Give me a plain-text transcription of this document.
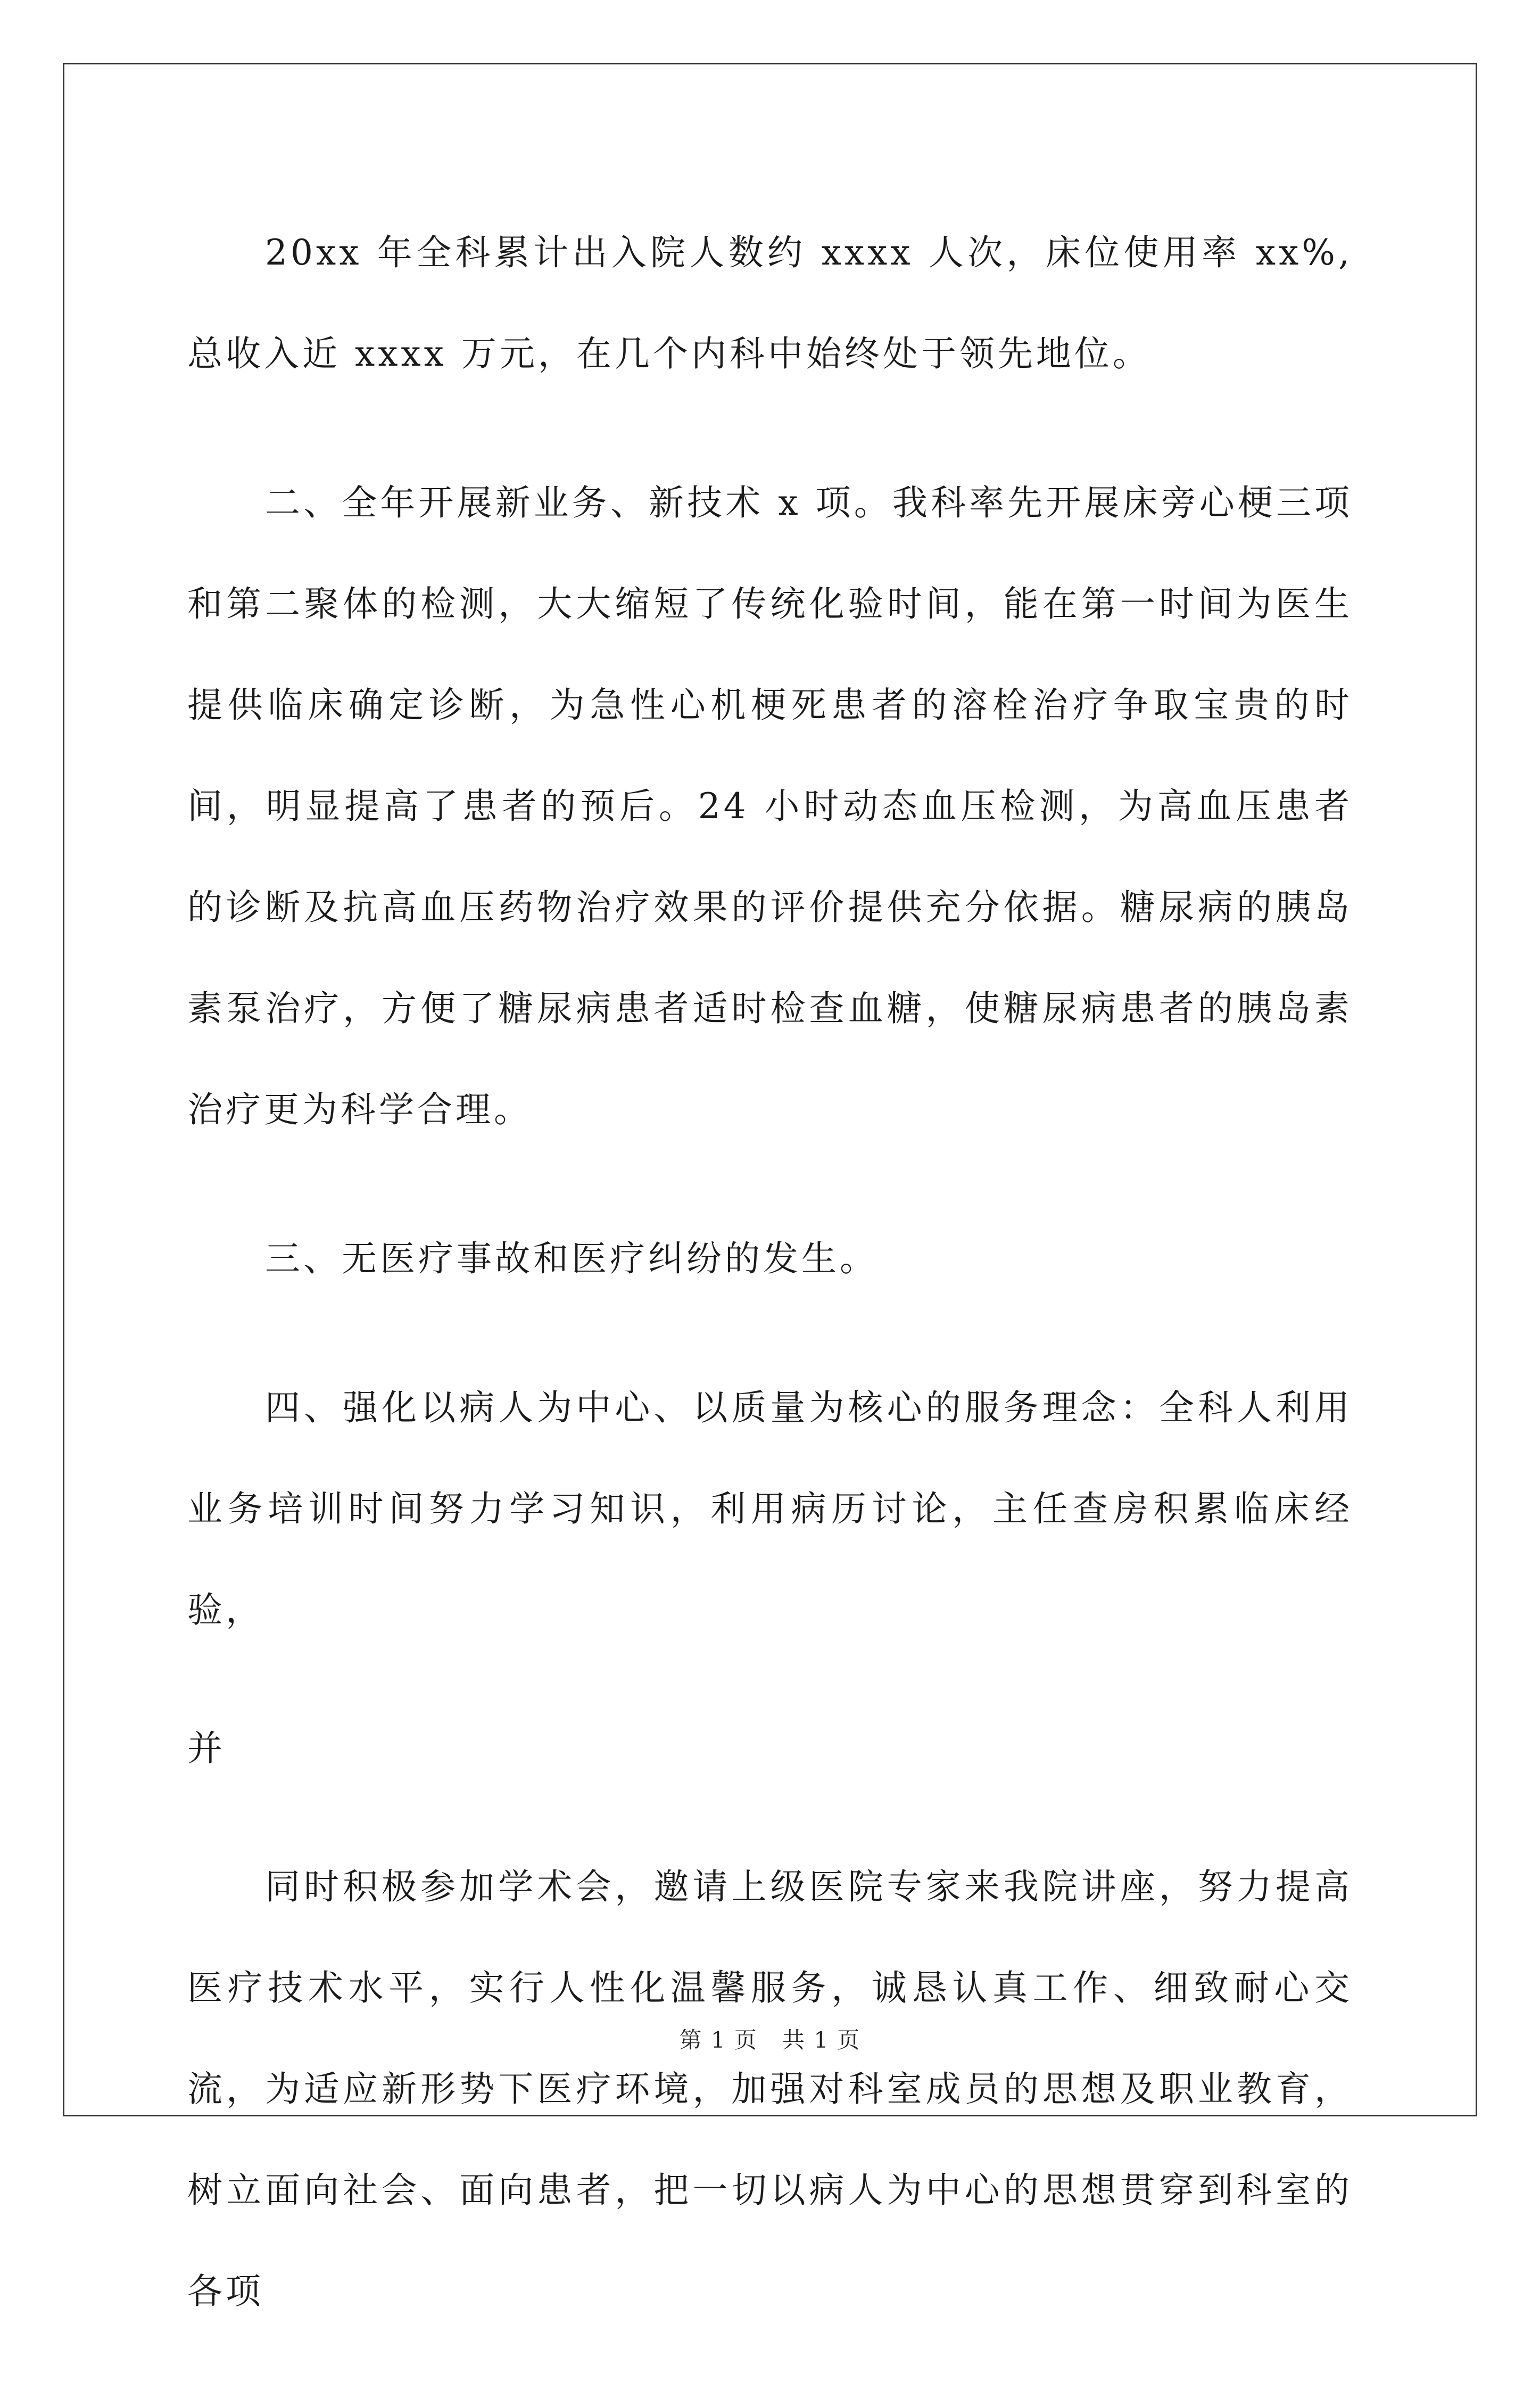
20xx 年全科累计出入院人数约 xxxx 人次，床位使用率 xx%,总收入近 xxxx 万元，在几个内科中始终处于领先地位。

二、全年开展新业务、新技术 x 项。我科率先开展床旁心梗三项和第二聚体的检测，大大缩短了传统化验时间，能在第一时间为医生提供临床确定诊断，为急性心机梗死患者的溶栓治疗争取宝贵的时间，明显提高了患者的预后。24 小时动态血压检测，为高血压患者的诊断及抗高血压药物治疗效果的评价提供充分依据。糖尿病的胰岛素泵治疗，方便了糖尿病患者适时检查血糖，使糖尿病患者的胰岛素治疗更为科学合理。

三、无医疗事故和医疗纠纷的发生。

四、强化以病人为中心、以质量为核心的服务理念：全科人利用业务培训时间努力学习知识，利用病历讨论，主任查房积累临床经验，

并

同时积极参加学术会，邀请上级医院专家来我院讲座，努力提高医疗技术水平，实行人性化温馨服务，诚恳认真工作、细致耐心交流，为适应新形势下医疗环境，加强对科室成员的思想及职业教育，树立面向社会、面向患者，把一切以病人为中心的思想贯穿到科室的各项

第 1 页 共 1 页
